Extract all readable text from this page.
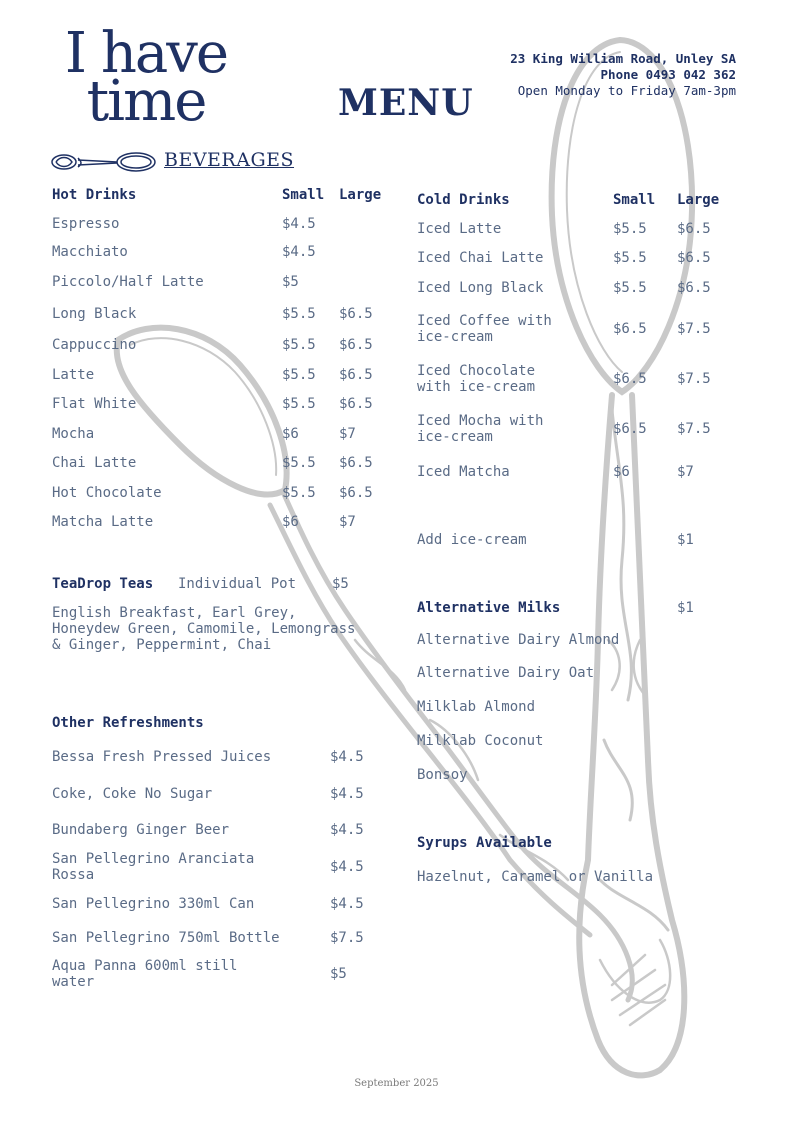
I have
time	MENU
23 King William Road, Unley SA
Phone 0493 042 362
Open Monday to Friday 7am-3pm
BEVERAGES
Hot Drinks	Small Large
Espresso	$4.5
Macchiato	$4.5
Piccolo/Half Latte	$5
Long Black	$5.5 $6.5
Cappuccino	$5.5 $6.5
Latte	$5.5 $6.5
Flat White	$5.5 $6.5
Mocha	$6	$7
Chai Latte	$5.5 $6.5
Hot Chocolate	$5.5 $6.5
Matcha Latte	$6	$7
TeaDrop Teas Individual Pot	$5
English Breakfast, Earl Grey, Honeydew Green, Camomile, Lemongrass & Ginger, Peppermint, Chai
Other Refreshments
Bessa Fresh Pressed Juices	$4.5
Coke, Coke No Sugar	$4.5
Bundaberg Ginger Beer	$4.5
San Pellegrino Aranciata Rossa	$4.5
San Pellegrino 330ml Can	$4.5
San Pellegrino 750ml Bottle	$7.5
Aqua Panna 600ml still water	$5
Cold Drinks	Small Large
Iced Latte	$5.5 $6.5
Iced Chai Latte	$5.5 $6.5
Iced Long Black	$5.5 $6.5
Iced Coffee with ice-cream	$6.5 $7.5
Iced Chocolate with ice-cream	$6.5 $7.5
Iced Mocha with ice-cream	$6.5 $7.5
Iced Matcha	$6	$7
Add ice-cream	$1
Alternative Milks	$1
Alternative Dairy Almond
Alternative Dairy Oat
Milklab Almond
Milklab Coconut
Bonsoy
Syrups Available
Hazelnut, Caramel or Vanilla
September 2025
